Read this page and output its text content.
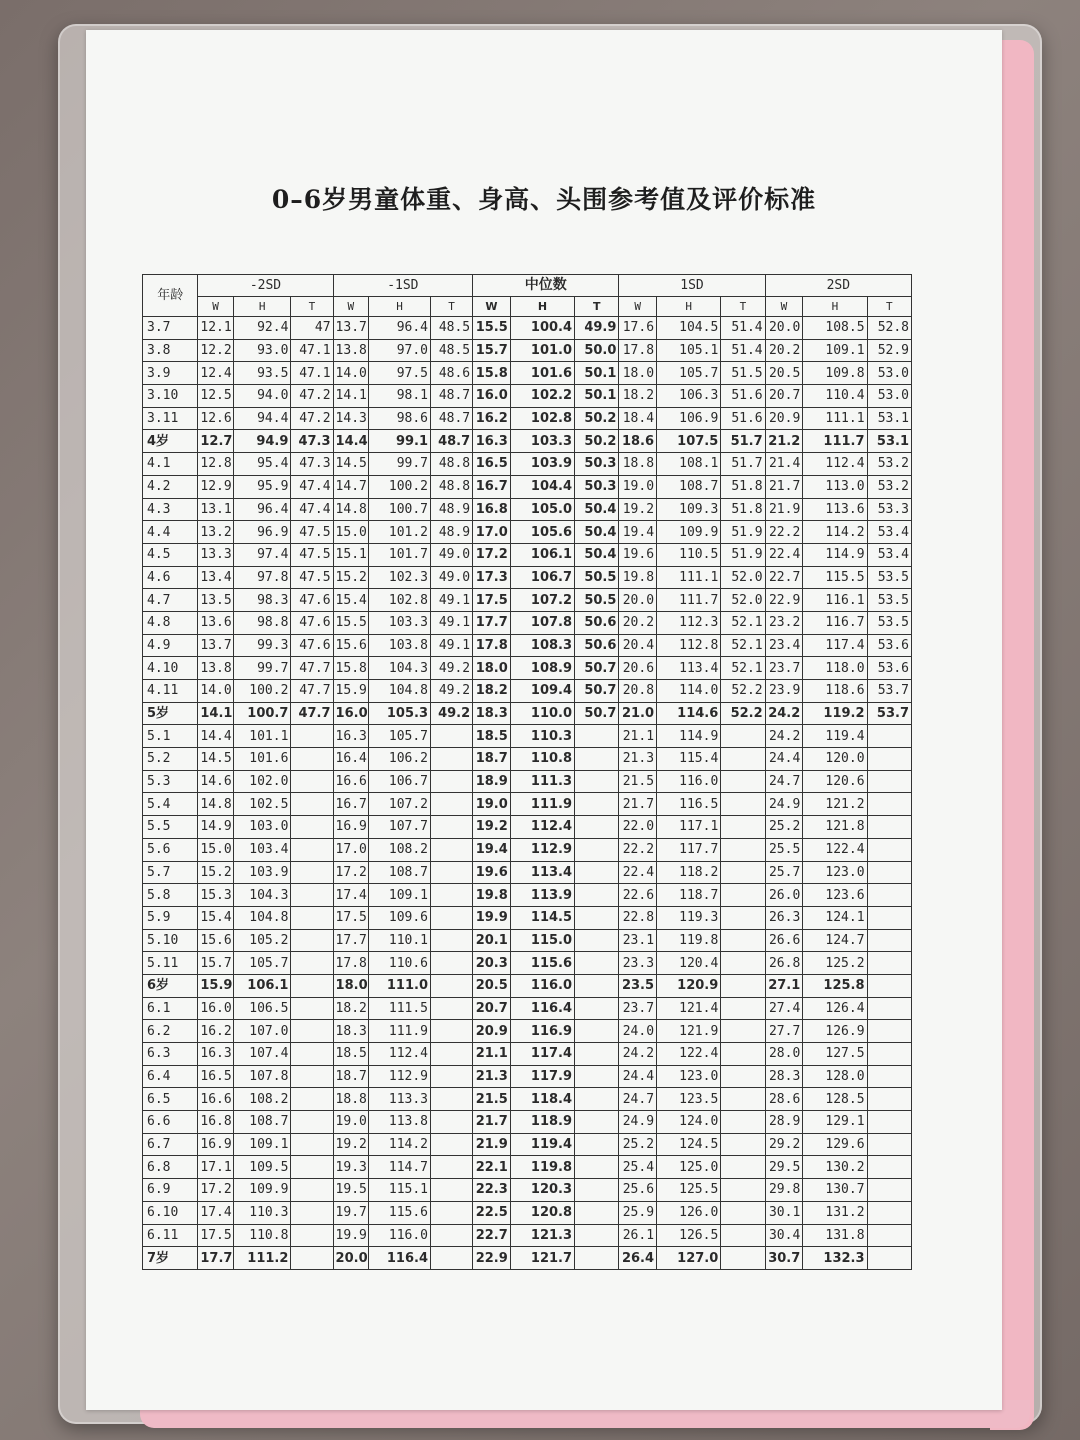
0–6岁男童体重、身高、头围参考值及评价标准
年龄	-2SD			-1SD			中位数			1SD			2SD		
	W	H	T	W	H	T	W	H	T	W	H	T	W	H	T
3.7	12.1	92.4	47	13.7	96.4	48.5	15.5	100.4	49.9	17.6	104.5	51.4	20.0	108.5	52.8
3.8	12.2	93.0	47.1	13.8	97.0	48.5	15.7	101.0	50.0	17.8	105.1	51.4	20.2	109.1	52.9
3.9	12.4	93.5	47.1	14.0	97.5	48.6	15.8	101.6	50.1	18.0	105.7	51.5	20.5	109.8	53.0
3.10	12.5	94.0	47.2	14.1	98.1	48.7	16.0	102.2	50.1	18.2	106.3	51.6	20.7	110.4	53.0
3.11	12.6	94.4	47.2	14.3	98.6	48.7	16.2	102.8	50.2	18.4	106.9	51.6	20.9	111.1	53.1
4岁	12.7	94.9	47.3	14.4	99.1	48.7	16.3	103.3	50.2	18.6	107.5	51.7	21.2	111.7	53.1
4.1	12.8	95.4	47.3	14.5	99.7	48.8	16.5	103.9	50.3	18.8	108.1	51.7	21.4	112.4	53.2
4.2	12.9	95.9	47.4	14.7	100.2	48.8	16.7	104.4	50.3	19.0	108.7	51.8	21.7	113.0	53.2
4.3	13.1	96.4	47.4	14.8	100.7	48.9	16.8	105.0	50.4	19.2	109.3	51.8	21.9	113.6	53.3
4.4	13.2	96.9	47.5	15.0	101.2	48.9	17.0	105.6	50.4	19.4	109.9	51.9	22.2	114.2	53.4
4.5	13.3	97.4	47.5	15.1	101.7	49.0	17.2	106.1	50.4	19.6	110.5	51.9	22.4	114.9	53.4
4.6	13.4	97.8	47.5	15.2	102.3	49.0	17.3	106.7	50.5	19.8	111.1	52.0	22.7	115.5	53.5
4.7	13.5	98.3	47.6	15.4	102.8	49.1	17.5	107.2	50.5	20.0	111.7	52.0	22.9	116.1	53.5
4.8	13.6	98.8	47.6	15.5	103.3	49.1	17.7	107.8	50.6	20.2	112.3	52.1	23.2	116.7	53.5
4.9	13.7	99.3	47.6	15.6	103.8	49.1	17.8	108.3	50.6	20.4	112.8	52.1	23.4	117.4	53.6
4.10	13.8	99.7	47.7	15.8	104.3	49.2	18.0	108.9	50.7	20.6	113.4	52.1	23.7	118.0	53.6
4.11	14.0	100.2	47.7	15.9	104.8	49.2	18.2	109.4	50.7	20.8	114.0	52.2	23.9	118.6	53.7
5岁	14.1	100.7	47.7	16.0	105.3	49.2	18.3	110.0	50.7	21.0	114.6	52.2	24.2	119.2	53.7
5.1	14.4	101.1		16.3	105.7		18.5	110.3		21.1	114.9		24.2	119.4	
5.2	14.5	101.6		16.4	106.2		18.7	110.8		21.3	115.4		24.4	120.0	
5.3	14.6	102.0		16.6	106.7		18.9	111.3		21.5	116.0		24.7	120.6	
5.4	14.8	102.5		16.7	107.2		19.0	111.9		21.7	116.5		24.9	121.2	
5.5	14.9	103.0		16.9	107.7		19.2	112.4		22.0	117.1		25.2	121.8	
5.6	15.0	103.4		17.0	108.2		19.4	112.9		22.2	117.7		25.5	122.4	
5.7	15.2	103.9		17.2	108.7		19.6	113.4		22.4	118.2		25.7	123.0	
5.8	15.3	104.3		17.4	109.1		19.8	113.9		22.6	118.7		26.0	123.6	
5.9	15.4	104.8		17.5	109.6		19.9	114.5		22.8	119.3		26.3	124.1	
5.10	15.6	105.2		17.7	110.1		20.1	115.0		23.1	119.8		26.6	124.7	
5.11	15.7	105.7		17.8	110.6		20.3	115.6		23.3	120.4		26.8	125.2	
6岁	15.9	106.1		18.0	111.0		20.5	116.0		23.5	120.9		27.1	125.8	
6.1	16.0	106.5		18.2	111.5		20.7	116.4		23.7	121.4		27.4	126.4	
6.2	16.2	107.0		18.3	111.9		20.9	116.9		24.0	121.9		27.7	126.9	
6.3	16.3	107.4		18.5	112.4		21.1	117.4		24.2	122.4		28.0	127.5	
6.4	16.5	107.8		18.7	112.9		21.3	117.9		24.4	123.0		28.3	128.0	
6.5	16.6	108.2		18.8	113.3		21.5	118.4		24.7	123.5		28.6	128.5	
6.6	16.8	108.7		19.0	113.8		21.7	118.9		24.9	124.0		28.9	129.1	
6.7	16.9	109.1		19.2	114.2		21.9	119.4		25.2	124.5		29.2	129.6	
6.8	17.1	109.5		19.3	114.7		22.1	119.8		25.4	125.0		29.5	130.2	
6.9	17.2	109.9		19.5	115.1		22.3	120.3		25.6	125.5		29.8	130.7	
6.10	17.4	110.3		19.7	115.6		22.5	120.8		25.9	126.0		30.1	131.2	
6.11	17.5	110.8		19.9	116.0		22.7	121.3		26.1	126.5		30.4	131.8	
7岁	17.7	111.2		20.0	116.4		22.9	121.7		26.4	127.0		30.7	132.3	
